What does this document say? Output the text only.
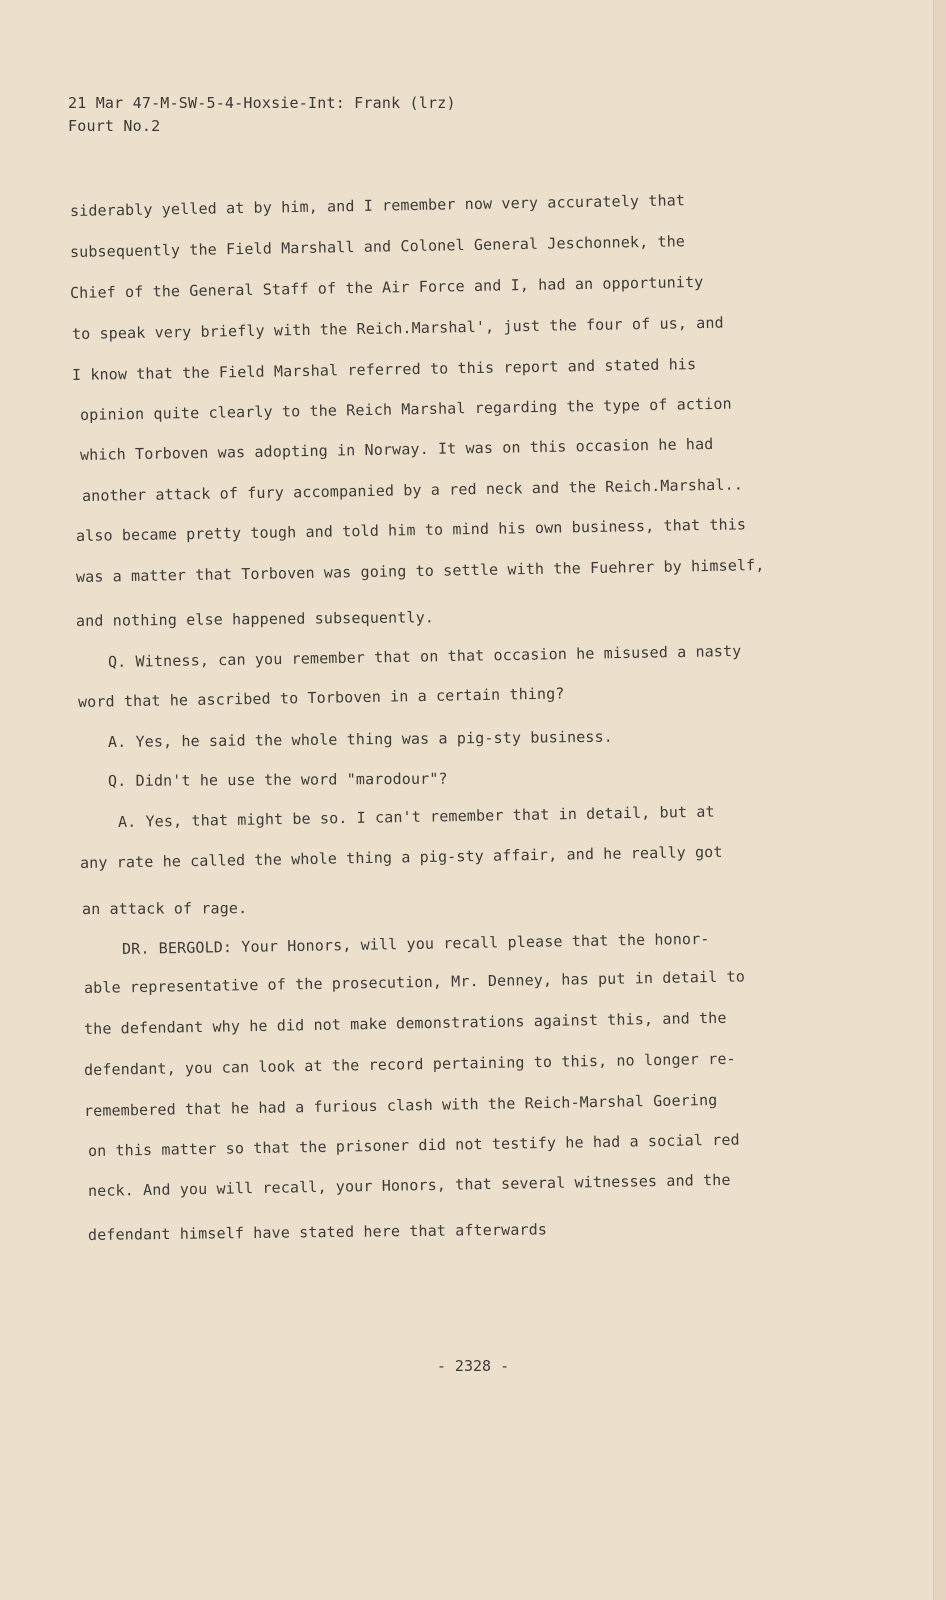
21 Mar 47-M-SW-5-4-Hoxsie-Int: Frank (lrz)
Fourt No.2
siderably yelled at by him, and I remember now very accurately that
subsequently the Field Marshall and Colonel General Jeschonnek, the
Chief of the General Staff of the Air Force and I, had an opportunity
to speak very briefly with the Reich.Marshal', just the four of us, and
I know that the Field Marshal referred to this report and stated his
opinion quite clearly to the Reich Marshal regarding the type of action
which Torboven was adopting in Norway. It was on this occasion he had
another attack of fury accompanied by a red neck and the Reich.Marshal..
also became pretty tough and told him to mind his own business, that this
was a matter that Torboven was going to settle with the Fuehrer by himself,
and nothing else happened subsequently.
Q. Witness, can you remember that on that occasion he misused a nasty
word that he ascribed to Torboven in a certain thing?
A. Yes, he said the whole thing was a pig-sty business.
Q. Didn't he use the word "marodour"?
A. Yes, that might be so. I can't remember that in detail, but at
any rate he called the whole thing a pig-sty affair, and he really got
an attack of rage.
DR. BERGOLD: Your Honors, will you recall please that the honor-
able representative of the prosecution, Mr. Denney, has put in detail to
the defendant why he did not make demonstrations against this, and the
defendant, you can look at the record pertaining to this, no longer re-
remembered that he had a furious clash with the Reich-Marshal Goering
on this matter so that the prisoner did not testify he had a social red
neck. And you will recall, your Honors, that several witnesses and the
defendant himself have stated here that afterwards
- 2328 -
